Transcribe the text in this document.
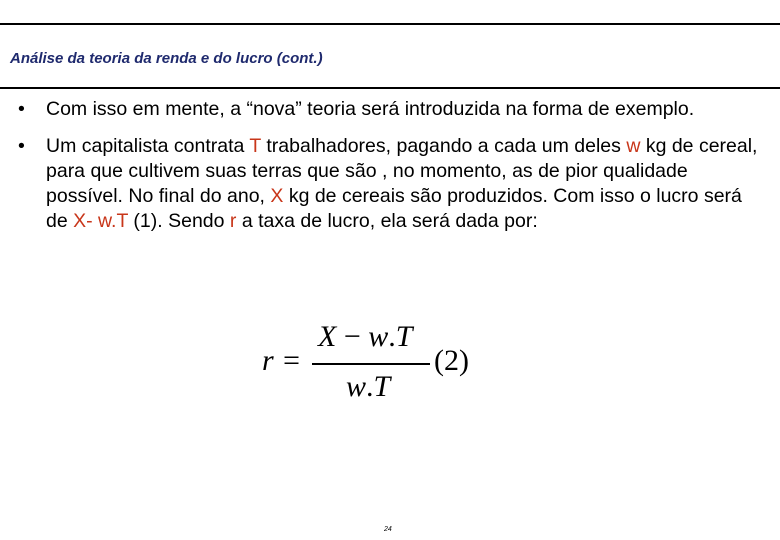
Análise da teoria da renda e do lucro (cont.)
• Com isso em mente, a “nova” teoria será introduzida na forma de exemplo.
• Um capitalista contrata T trabalhadores, pagando a cada um deles w kg de cereal, para que cultivem suas terras que são , no momento, as de pior qualidade possível. No final do ano, X kg de cereais são produzidos. Com isso o lucro será de X- w.T (1). Sendo r a taxa de lucro, ela será dada por:
r =
X − w.T
w.T
(2)
24
